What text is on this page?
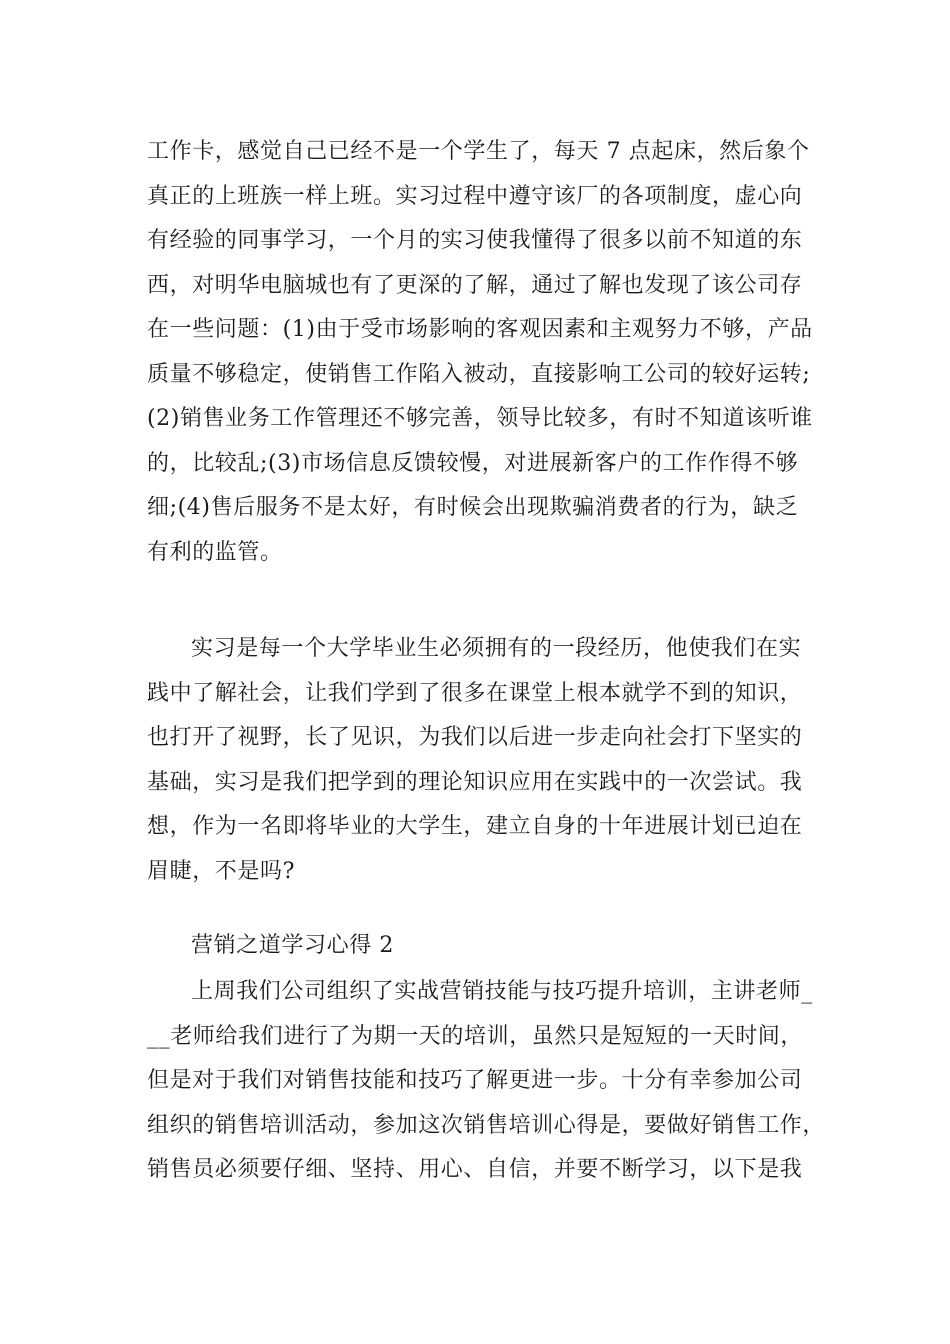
工作卡，感觉自己已经不是一个学生了，每天 7 点起床，然后象个
真正的上班族一样上班。实习过程中遵守该厂的各项制度，虚心向
有经验的同事学习，一个月的实习使我懂得了很多以前不知道的东
西，对明华电脑城也有了更深的了解，通过了解也发现了该公司存
在一些问题：(1)由于受市场影响的客观因素和主观努力不够，产品
质量不够稳定，使销售工作陷入被动，直接影响工公司的较好运转;
(2)销售业务工作管理还不够完善，领导比较多，有时不知道该听谁
的，比较乱;(3)市场信息反馈较慢，对进展新客户的工作作得不够
细;(4)售后服务不是太好，有时候会出现欺骗消费者的行为，缺乏
有利的监管。
实习是每一个大学毕业生必须拥有的一段经历，他使我们在实
践中了解社会，让我们学到了很多在课堂上根本就学不到的知识，
也打开了视野，长了见识，为我们以后进一步走向社会打下坚实的
基础，实习是我们把学到的理论知识应用在实践中的一次尝试。我
想，作为一名即将毕业的大学生，建立自身的十年进展计划已迫在
眉睫，不是吗?
营销之道学习心得 2
上周我们公司组织了实战营销技能与技巧提升培训，主讲老师_
__老师给我们进行了为期一天的培训，虽然只是短短的一天时间，
但是对于我们对销售技能和技巧了解更进一步。十分有幸参加公司
组织的销售培训活动，参加这次销售培训心得是，要做好销售工作，
销售员必须要仔细、坚持、用心、自信，并要不断学习，以下是我
